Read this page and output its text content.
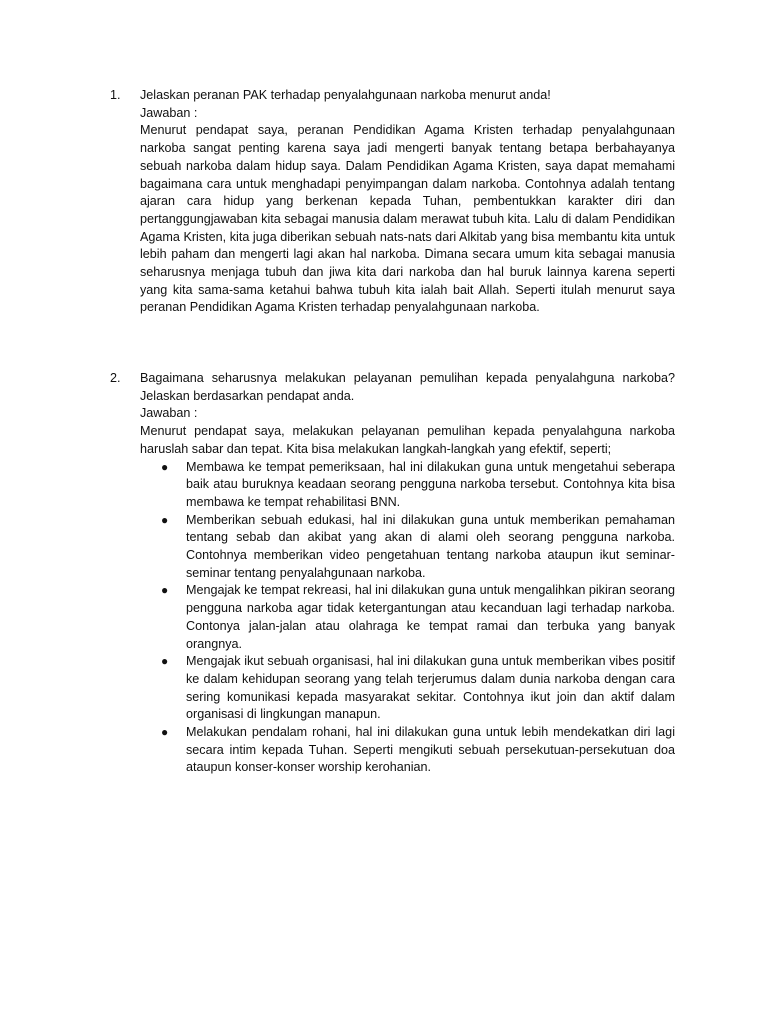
1.	Jelaskan peranan PAK terhadap penyalahgunaan narkoba menurut anda!
Jawaban :
Menurut pendapat saya, peranan Pendidikan Agama Kristen terhadap penyalahgunaan narkoba sangat penting karena saya jadi mengerti banyak tentang betapa berbahayanya sebuah narkoba dalam hidup saya. Dalam Pendidikan Agama Kristen, saya dapat memahami bagaimana cara untuk menghadapi penyimpangan dalam narkoba. Contohnya adalah tentang ajaran cara hidup yang berkenan kepada Tuhan, pembentukkan karakter diri dan pertanggungjawaban kita sebagai manusia dalam merawat tubuh kita. Lalu di dalam Pendidikan Agama Kristen, kita juga diberikan sebuah nats-nats dari Alkitab yang bisa membantu kita untuk lebih paham dan mengerti lagi akan hal narkoba. Dimana secara umum kita sebagai manusia seharusnya menjaga tubuh dan jiwa kita dari narkoba dan hal buruk lainnya karena seperti yang kita sama-sama ketahui bahwa tubuh kita ialah bait Allah. Seperti itulah menurut saya peranan Pendidikan Agama Kristen terhadap penyalahgunaan narkoba.
2.	Bagaimana seharusnya melakukan pelayanan pemulihan kepada penyalahguna narkoba? Jelaskan berdasarkan pendapat anda.
Jawaban :
Menurut pendapat saya, melakukan pelayanan pemulihan kepada penyalahguna narkoba haruslah sabar dan tepat. Kita bisa melakukan langkah-langkah yang efektif, seperti;
● Membawa ke tempat pemeriksaan, hal ini dilakukan guna untuk mengetahui seberapa baik atau buruknya keadaan seorang pengguna narkoba tersebut. Contohnya kita bisa membawa ke tempat rehabilitasi BNN.
● Memberikan sebuah edukasi, hal ini dilakukan guna untuk memberikan pemahaman tentang sebab dan akibat yang akan di alami oleh seorang pengguna narkoba. Contohnya memberikan video pengetahuan tentang narkoba ataupun ikut seminar-seminar tentang penyalahgunaan narkoba.
● Mengajak ke tempat rekreasi, hal ini dilakukan guna untuk mengalihkan pikiran seorang pengguna narkoba agar tidak ketergantungan atau kecanduan lagi terhadap narkoba. Contonya jalan-jalan atau olahraga ke tempat ramai dan terbuka yang banyak orangnya.
● Mengajak ikut sebuah organisasi, hal ini dilakukan guna untuk memberikan vibes positif ke dalam kehidupan seorang yang telah terjerumus dalam dunia narkoba dengan cara sering komunikasi kepada masyarakat sekitar. Contohnya ikut join dan aktif dalam organisasi di lingkungan manapun.
● Melakukan pendalam rohani, hal ini dilakukan guna untuk lebih mendekatkan diri lagi secara intim kepada Tuhan. Seperti mengikuti sebuah persekutuan-persekutuan doa ataupun konser-konser worship kerohanian.
